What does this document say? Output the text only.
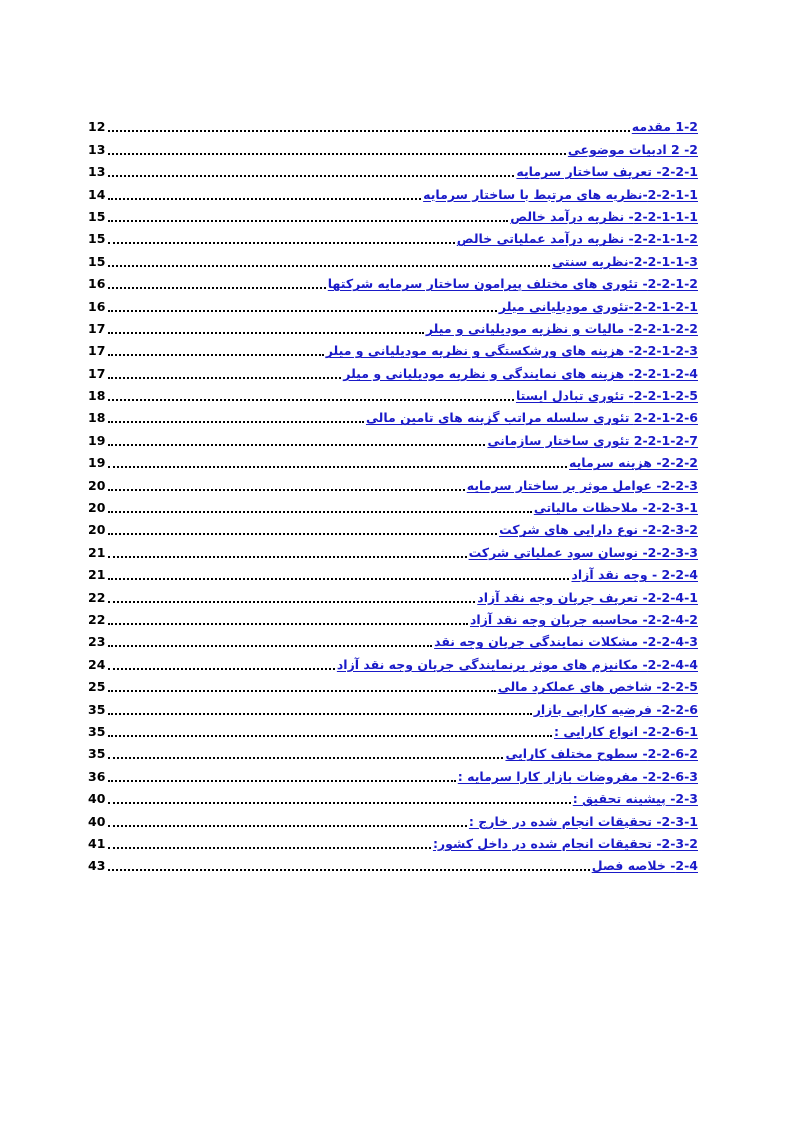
1-2 مقدمه
12
2- 2 ادبیات موضوعی
13
2-2-1- تعریف ساختار سرمایه
13
2-2-1-1-نظریه های مرتبط با ساختار سرمایه
14
2-2-1-1-1- نظریه درآمد خالص
15
2-2-1-1-2- نظریه درآمد عملیاتی خالص
15
2-2-1-1-3-نظریه سنتی
15
2-2-1-2- تئوری های مختلف پیرامون ساختار سرمایه شرکتها
16
2-2-1-2-1-تئوری مودیلیانی میلر
16
2-2-1-2-2- مالیات و نظزیه مودیلیانی و میلر
17
2-2-1-2-3- هزینه های ورشکستگی و نظریه مودیلیانی و میلر
17
2-2-1-2-4- هزینه های نمایندگی و نظریه مودیلیانی و میلر
17
2-2-1-2-5- تئوری تبادل ایستا
18
2-2-1-2-6 تئوری سلسله مراتب گزینه های تامین مالی
18
2-2-1-2-7 تئوری ساختار سازمانی
19
2-2-2- هزینه سرمایه
19
2-2-3- عوامل موثر بر ساختار سرمایه
20
2-2-3-1- ملاحظات مالیاتی
20
2-2-3-2- نوع دارایی های شرکت
20
2-2-3-3- نوسان سود عملیاتی شرکت
21
2-2-4 - وجه نقد آزاد
21
2-2-4-1- تعریف جریان وجه نقد آزاد
22
2-2-4-2- محاسبه جریان وجه نقد آزاد
22
2-2-4-3- مشکلات نمایندگی جریان وجه نقد
23
2-2-4-4- مکانیزم های موثر برنمایندگی جریان وجه نقد آزاد
24
2-2-5- شاخص های عملکرد مالی
25
2-2-6- فرضیه کارایی بازار
35
2-2-6-1- انواع کارایی :
35
2-2-6-2- سطوح مختلف کارایی
35
2-2-6-3- مفروضات بازار کارا سرمایه :
36
2-3- پیشینه تحقیق :
40
2-3-1- تحقیقات انجام شده در خارج :
40
2-3-2- تحقیقات انجام شده در داخل کشور:
41
2-4- خلاصه فصل
43
